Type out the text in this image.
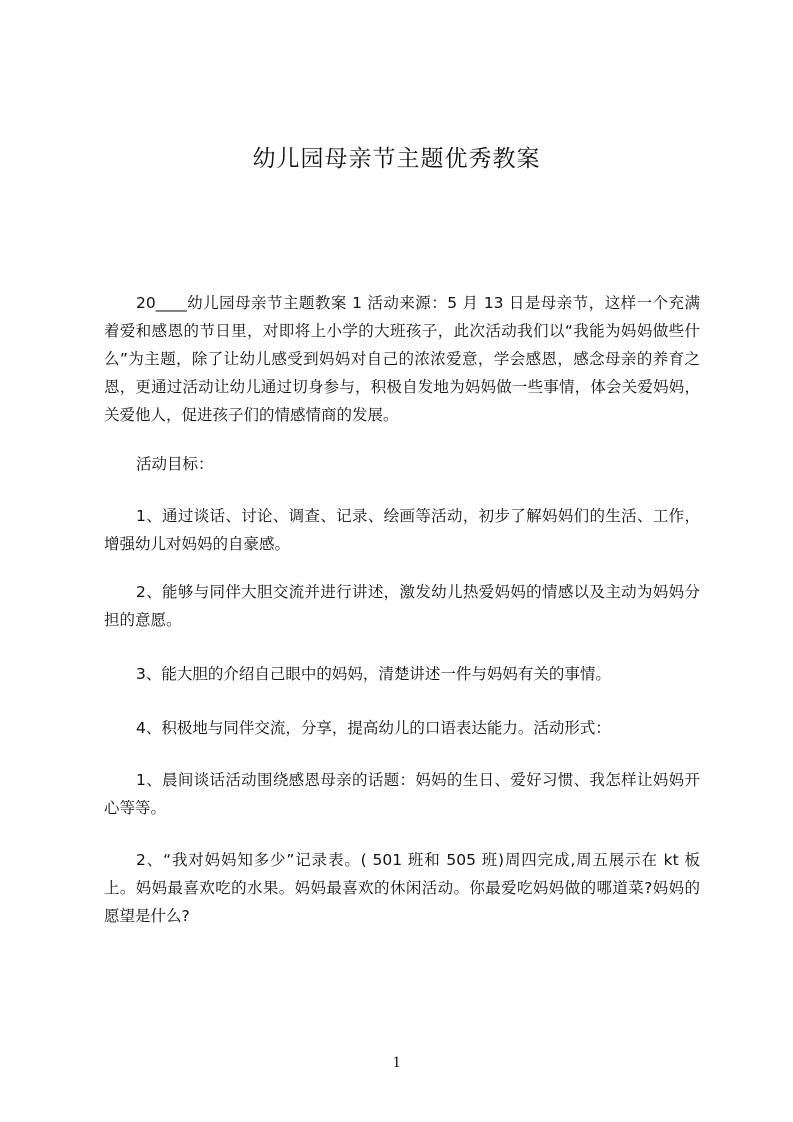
幼儿园母亲节主题优秀教案

20____幼儿园母亲节主题教案 1 活动来源：5 月 13 日是母亲节，这样一个充满着爱和感恩的节日里，对即将上小学的大班孩子，此次活动我们以“我能为妈妈做些什么”为主题，除了让幼儿感受到妈妈对自己的浓浓爱意，学会感恩，感念母亲的养育之恩，更通过活动让幼儿通过切身参与，积极自发地为妈妈做一些事情，体会关爱妈妈，关爱他人，促进孩子们的情感情商的发展。

活动目标：

1、通过谈话、讨论、调查、记录、绘画等活动，初步了解妈妈们的生活、工作，增强幼儿对妈妈的自豪感。

2、能够与同伴大胆交流并进行讲述，激发幼儿热爱妈妈的情感以及主动为妈妈分担的意愿。

3、能大胆的介绍自己眼中的妈妈，清楚讲述一件与妈妈有关的事情。

4、积极地与同伴交流，分享，提高幼儿的口语表达能力。活动形式：

1、晨间谈话活动围绕感恩母亲的话题：妈妈的生日、爱好习惯、我怎样让妈妈开心等等。

2、“我对妈妈知多少”记录表。( 501 班和 505 班)周四完成,周五展示在 kt 板上。妈妈最喜欢吃的水果。妈妈最喜欢的休闲活动。你最爱吃妈妈做的哪道菜?妈妈的愿望是什么?

1
